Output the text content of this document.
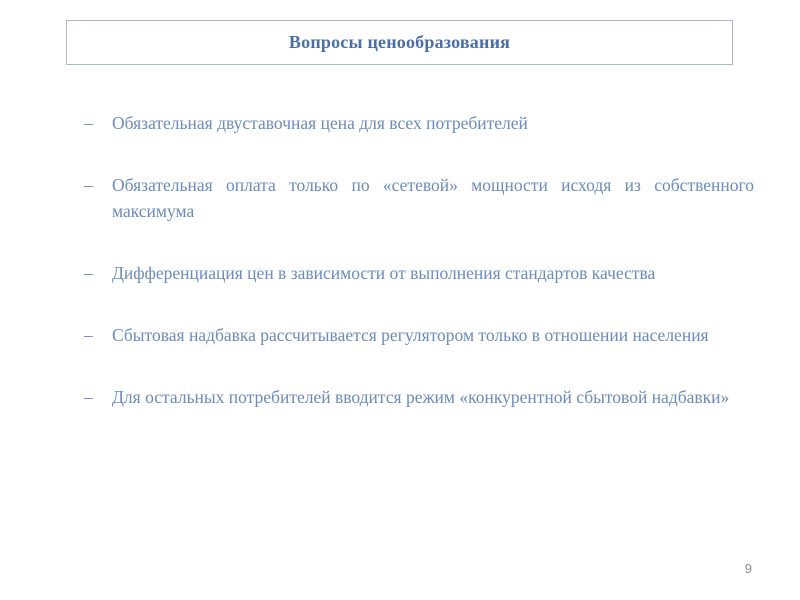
Вопросы ценообразования
– Обязательная двуставочная цена для всех потребителей
– Обязательная оплата только по «сетевой» мощности исходя из собственного максимума
– Дифференциация цен в зависимости от выполнения стандартов качества
– Сбытовая надбавка рассчитывается регулятором только в отношении населения
– Для остальных потребителей вводится режим «конкурентной сбытовой надбавки»
9
